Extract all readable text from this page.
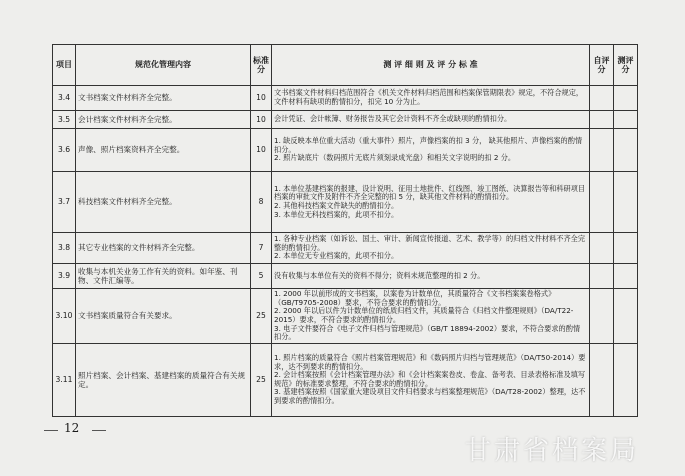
项目	规范化管理内容	标准分	测 评 细 则 及 评 分 标 准	自评分	测评分
3.4	文书档案文件材料齐全完整。	10	文书档案文件材料归档范围符合《机关文件材料归档范围和档案保管期限表》规定，不符合规定，文件材料有缺项的酌情扣分，扣完 10 分为止。		

3.5	会计档案文件材料齐全完整。	10	会计凭证、会计帐簿、财务报告及其它会计资料不齐全或缺项的酌情扣分。		

3.6	声像、照片档案资料齐全完整。	10	1. 缺反映本单位重大活动（重大事件）照片，声像档案的扣 3 分， 缺其他照片、声像档案的酌情扣分。
2. 照片缺底片（数码照片无底片须刻录成光盘）和相关文字说明的扣 2 分。		

3.7	科技档案文件材料齐全完整。	8	1. 本单位基建档案的报建、设计说明、征用土地批件、红线图、竣工图纸、决算报告等和科研项目档案的审批文件及附件不齐全完整的扣 5 分，缺其他文件材料的酌情扣分。
2. 其他科技档案文件缺失的酌情扣分。
3. 本单位无科技档案的，此项不扣分。		

3.8	其它专业档案的文件材料齐全完整。	7	1. 各种专业档案（如诉讼、国土、审计、新闻宣传报道、艺术、教学等）的归档文件材料不齐全完整的酌情扣分。
2. 本单位无专业档案的，此项不扣分。		

3.9	收集与本机关业务工作有关的资料。如年鉴、刊物、文件汇编等。	5	没有收集与本单位有关的资料不得分；资料未规范整理的扣 2 分。		

3.10	文书档案质量符合有关要求。	25	1. 2000 年以前形成的文书档案，以案卷为计数单位，其质量符合《文书档案案卷格式》（GB/T9705-2008）要求，不符合要求的酌情扣分。
2. 2000 年以后以件为计数单位的纸质归档文件，其质量符合《归档文件整理规则》（DA/T22-2015）要求，不符合要求的酌情扣分。
3. 电子文件要符合《电子文件归档与管理规范》（GB/T 18894-2002）要求，不符合要求的酌情扣分。		

3.11	照片档案、会计档案、基建档案的质量符合有关规定。	25	1. 照片档案的质量符合《照片档案管理规范》和《数码照片归档与管理规范》（DA/T50-2014）要求，达不到要求的酌情扣分。
2. 会计档案按照《会计档案管理办法》和《会计档案案卷皮、卷盒、备考表、目录表格标准及填写规范》的标准要求整理，不符合要求的酌情扣分。
3. 基建档案按照《国家重大建设项目文件归档要求与档案整理规范》（DA/T28-2002）整理，达不到要求的酌情扣分。		

12
甘肃省档案局
